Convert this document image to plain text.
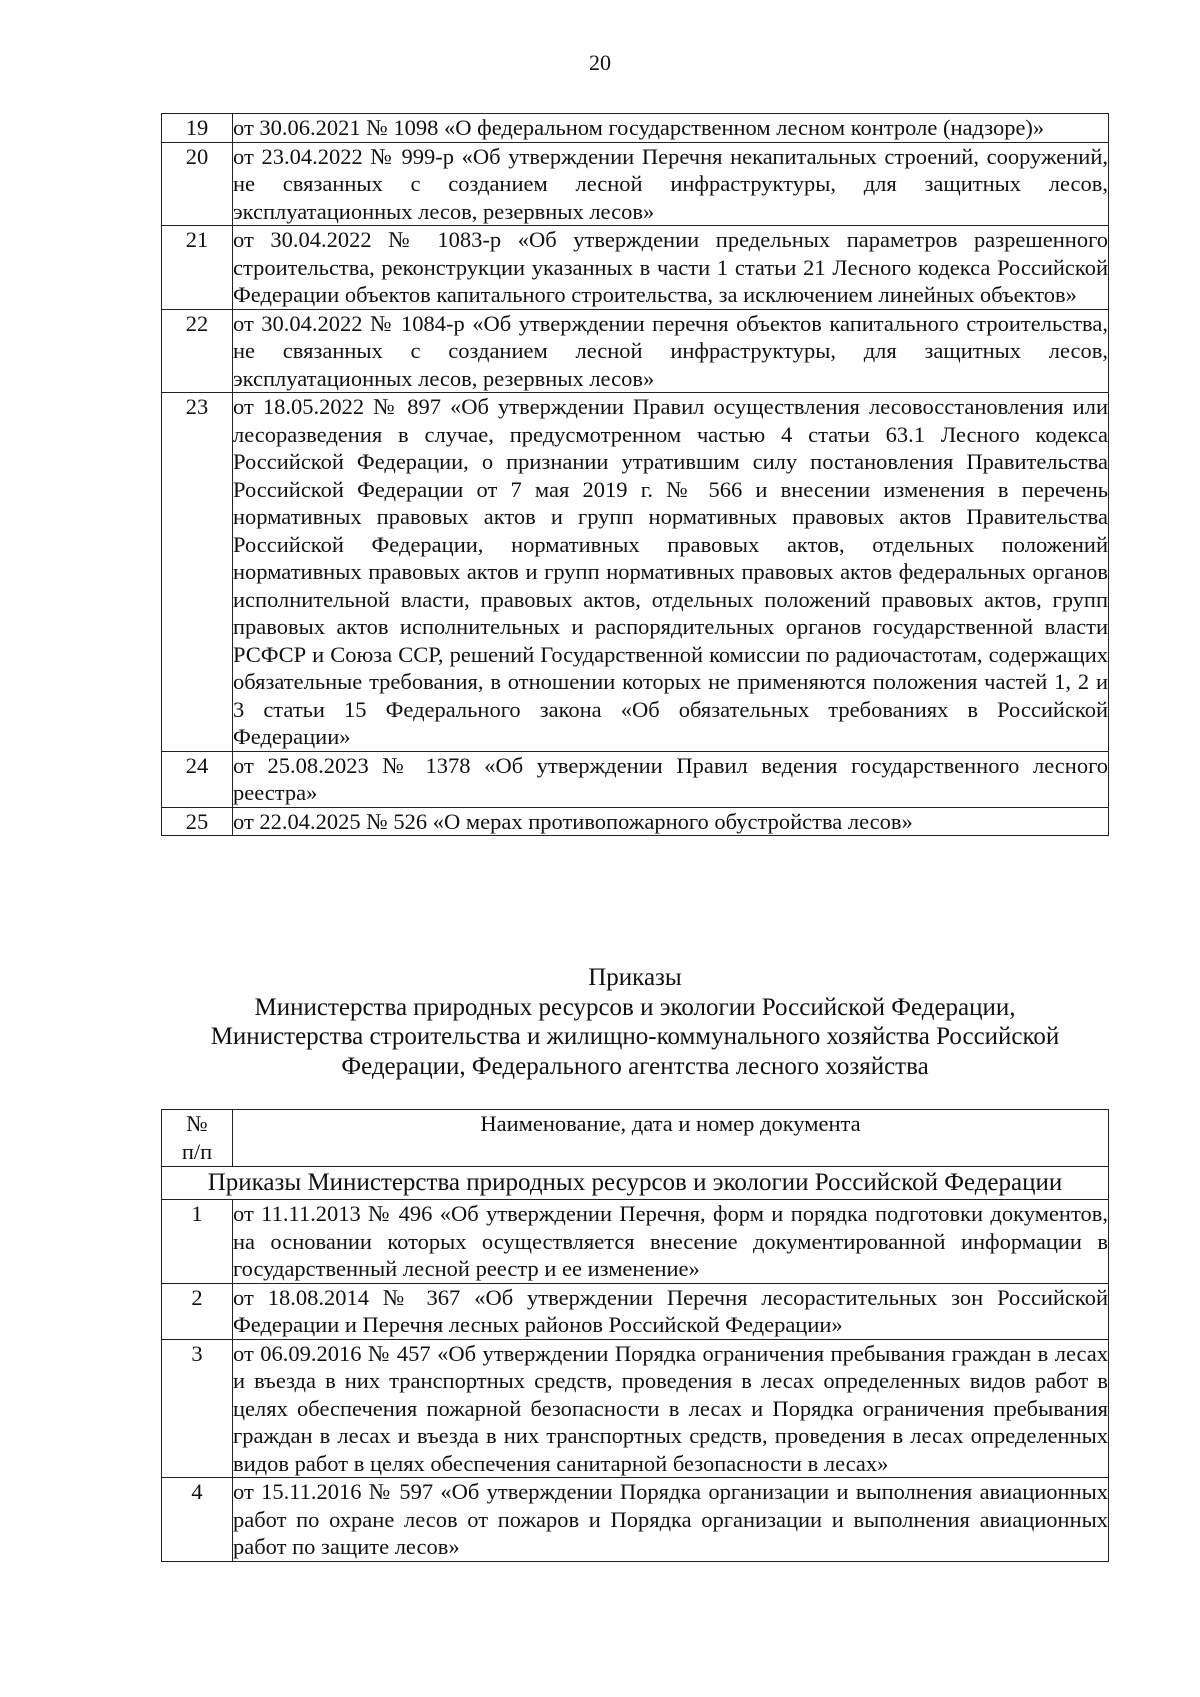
20
19	от 30.06.2021 № 1098 «О федеральном государственном лесном контроле (надзоре)»
20	от 23.04.2022 № 999-р «Об утверждении Перечня некапитальных строений, сооружений, не связанных с созданием лесной инфраструктуры, для защитных лесов, эксплуатационных лесов, резервных лесов»
21	от 30.04.2022 № 1083-р «Об утверждении предельных параметров разрешенного строительства, реконструкции указанных в части 1 статьи 21 Лесного кодекса Российской Федерации объектов капитального строительства, за исключением линейных объектов»
22	от 30.04.2022 № 1084-р «Об утверждении перечня объектов капитального строительства, не связанных с созданием лесной инфраструктуры, для защитных лесов, эксплуатационных лесов, резервных лесов»
23	от 18.05.2022 № 897 «Об утверждении Правил осуществления лесовосстановления или лесоразведения в случае, предусмотренном частью 4 статьи 63.1 Лесного кодекса Российской Федерации, о признании утратившим силу постановления Правительства Российской Федерации от 7 мая 2019 г. № 566 и внесении изменения в перечень нормативных правовых актов и групп нормативных правовых актов Правительства Российской Федерации, нормативных правовых актов, отдельных положений нормативных правовых актов и групп нормативных правовых актов федеральных органов исполнительной власти, правовых актов, отдельных положений правовых актов, групп правовых актов исполнительных и распорядительных органов государственной власти РСФСР и Союза ССР, решений Государственной комиссии по радиочастотам, содержащих обязательные требования, в отношении которых не применяются положения частей 1, 2 и 3 статьи 15 Федерального закона «Об обязательных требованиях в Российской Федерации»
24	от 25.08.2023 № 1378 «Об утверждении Правил ведения государственного лесного реестра»
25	от 22.04.2025 № 526 «О мерах противопожарного обустройства лесов»
Приказы
Министерства природных ресурсов и экологии Российской Федерации,
Министерства строительства и жилищно-коммунального хозяйства Российской
Федерации, Федерального агентства лесного хозяйства
№
п/п	Наименование, дата и номер документа
Приказы Министерства природных ресурсов и экологии Российской Федерации	
1	от 11.11.2013 № 496 «Об утверждении Перечня, форм и порядка подготовки документов, на основании которых осуществляется внесение документированной информации в государственный лесной реестр и ее изменение»
2	от 18.08.2014 № 367 «Об утверждении Перечня лесорастительных зон Российской Федерации и Перечня лесных районов Российской Федерации»
3	от 06.09.2016 № 457 «Об утверждении Порядка ограничения пребывания граждан в лесах и въезда в них транспортных средств, проведения в лесах определенных видов работ в целях обеспечения пожарной безопасности в лесах и Порядка ограничения пребывания граждан в лесах и въезда в них транспортных средств, проведения в лесах определенных видов работ в целях обеспечения санитарной безопасности в лесах»
4	от 15.11.2016 № 597 «Об утверждении Порядка организации и выполнения авиационных работ по охране лесов от пожаров и Порядка организации и выполнения авиационных работ по защите лесов»
